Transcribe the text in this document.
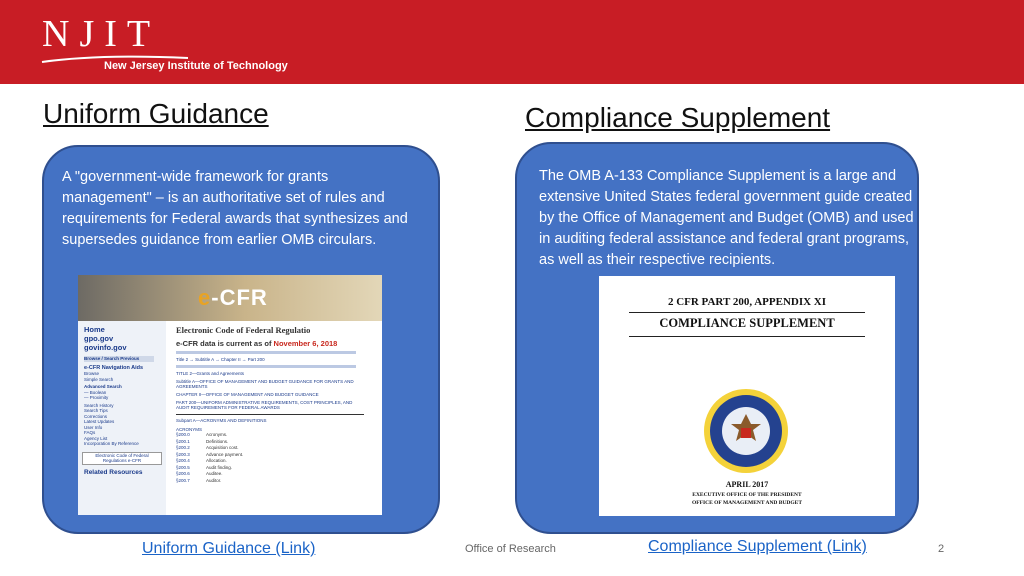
NJIT
New Jersey Institute of Technology
Uniform Guidance	Compliance Supplement
A "government-wide framework for grants management" – is an authoritative set of rules and requirements for Federal awards that synthesizes and supersedes guidance from earlier OMB circulars.
e-CFR
Home
gpo.gov
govinfo.gov
Browse / Search Previous
e-CFR Navigation Aids
Browse
Simple Search
Advanced Search
— Boolean
— Proximity
Search History
Search Tips
Corrections
Latest Updates
User Info
FAQs
Agency List
Incorporation By Reference
Electronic Code of Federal Regulations e-CFR
Related Resources
Electronic Code of Federal Regulatio
e-CFR data is current as of November 6, 2018
Title 2 → Subtitle A → Chapter II → Part 200
TITLE 2—Grants and Agreements
Subtitle A—OFFICE OF MANAGEMENT AND BUDGET GUIDANCE FOR GRANTS AND AGREEMENTS
CHAPTER II—OFFICE OF MANAGEMENT AND BUDGET GUIDANCE
PART 200—UNIFORM ADMINISTRATIVE REQUIREMENTS, COST PRINCIPLES, AND AUDIT REQUIREMENTS FOR FEDERAL AWARDS
Subpart A—ACRONYMS AND DEFINITIONS
ACRONYMS
§200.0	Acronyms.
§200.1	Definitions.
§200.2	Acquisition cost.
§200.3	Advance payment.
§200.4	Allocation.
§200.5	Audit finding.
§200.6	Auditee.
§200.7	Auditor.
The OMB A-133 Compliance Supplement is a large and extensive United States federal government guide created by the Office of Management and Budget (OMB) and used in auditing federal assistance and federal grant programs, as well as their respective recipients.
2 CFR PART 200, APPENDIX XI
COMPLIANCE SUPPLEMENT
APRIL 2017
EXECUTIVE OFFICE OF THE PRESIDENT
OFFICE OF MANAGEMENT AND BUDGET
Uniform Guidance (Link)	Compliance Supplement (Link)
Office of Research	2
